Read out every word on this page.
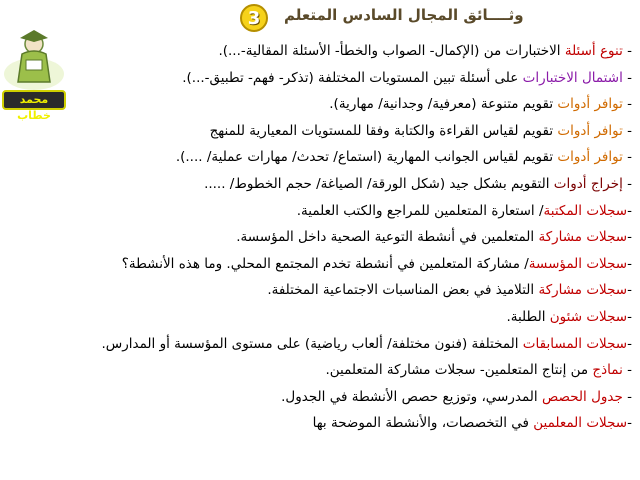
3	وثــــائق المجال السادس المتعلم
محمد خطاب
- تنوع أسئلة الاختبارات من (الإكمال- الصواب والخطأ- الأسئلة المقالية-...).
- اشتمال الاختبارات على أسئلة تبين المستويات المختلفة (تذكر- فهم- تطبيق-...).
- توافر أدوات تقويم متنوعة (معرفية/ وجدانية/ مهارية).
- توافر أدوات تقويم لقياس القراءة والكتابة وفقا للمستويات المعيارية للمنهج
- توافر أدوات تقويم لقياس الجوانب المهارية (استماع/ تحدث/ مهارات عملية/ ....).
- إخراج أدوات التقويم بشكل جيد (شكل الورقة/ الصياغة/ حجم الخطوط/ .....
-سجلات المكتبة/ استعارة المتعلمين للمراجع والكتب العلمية.
-سجلات مشاركة المتعلمين في أنشطة التوعية الصحية داخل المؤسسة.
-سجلات المؤسسة/ مشاركة المتعلمين في أنشطة تخدم المجتمع المحلي. وما هذه الأنشطة؟
-سجلات مشاركة التلاميذ في بعض المناسبات الاجتماعية المختلفة.
-سجلات شئون الطلبة.
-سجلات المسابقات المختلفة (فنون مختلفة/ ألعاب رياضية) على مستوى المؤسسة أو المدارس.
- نماذج من إنتاج المتعلمين- سجلات مشاركة المتعلمين.
- جدول الحصص المدرسي، وتوزيع حصص الأنشطة في الجدول.
-سجلات المعلمين في التخصصات، والأنشطة الموضحة بها
